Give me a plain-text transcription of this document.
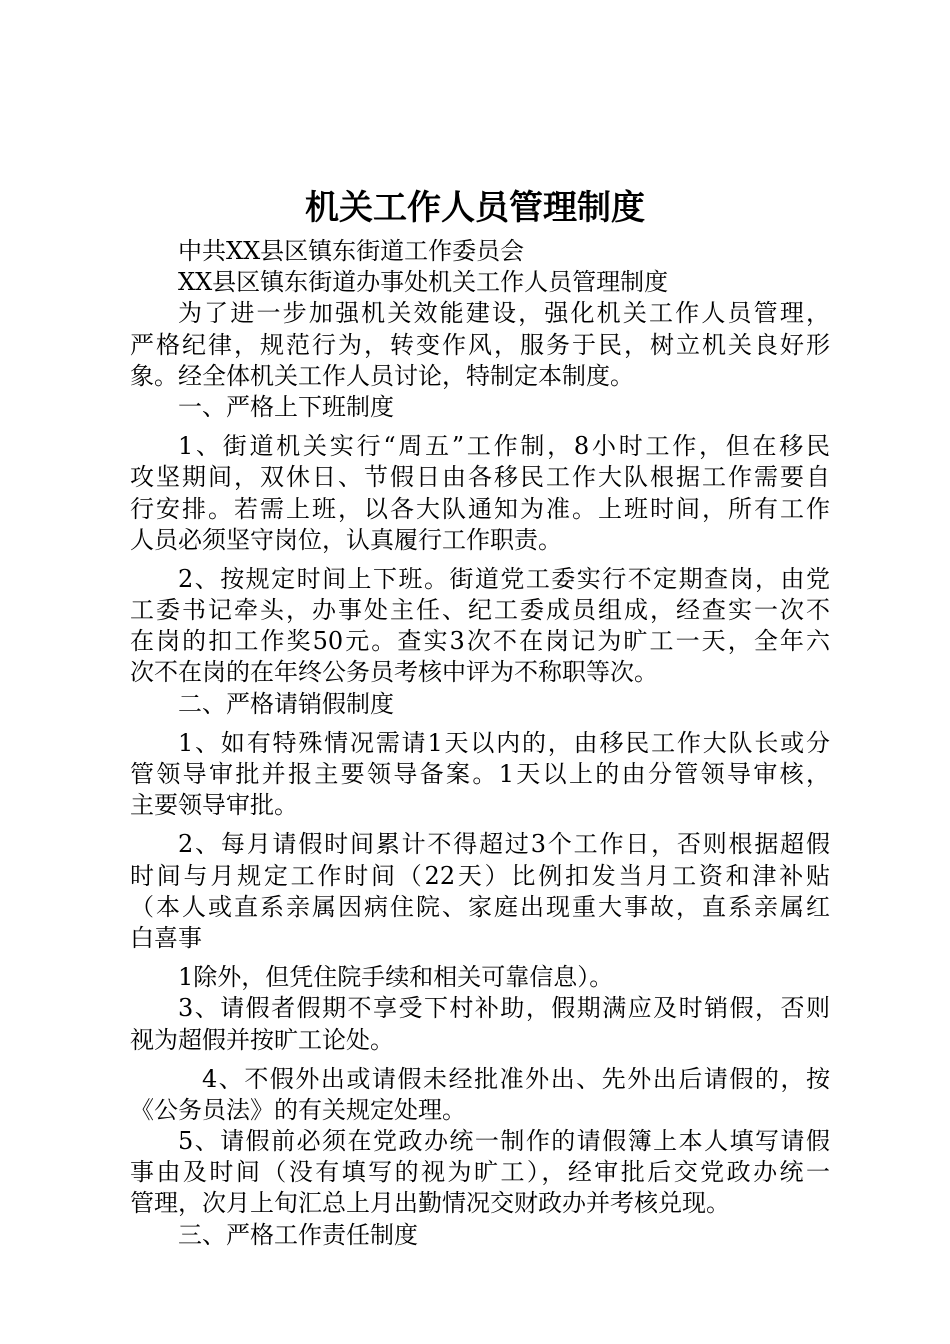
机关工作人员管理制度

中共XX县区镇东街道工作委员会

XX县区镇东街道办事处机关工作人员管理制度

为了进一步加强机关效能建设，强化机关工作人员管理，

严格纪律，规范行为，转变作风，服务于民，树立机关良好形

象。经全体机关工作人员讨论，特制定本制度。

一、严格上下班制度

1、街道机关实行“周五”工作制，8小时工作，但在移民

攻坚期间，双休日、节假日由各移民工作大队根据工作需要自

行安排。若需上班，以各大队通知为准。上班时间，所有工作

人员必须坚守岗位，认真履行工作职责。

2、按规定时间上下班。街道党工委实行不定期查岗，由党

工委书记牵头，办事处主任、纪工委成员组成，经查实一次不

在岗的扣工作奖50元。查实3次不在岗记为旷工一天，全年六

次不在岗的在年终公务员考核中评为不称职等次。

二、严格请销假制度

1、如有特殊情况需请1天以内的，由移民工作大队长或分

管领导审批并报主要领导备案。1天以上的由分管领导审核，

主要领导审批。

2、每月请假时间累计不得超过3个工作日，否则根据超假

时间与月规定工作时间（22天）比例扣发当月工资和津补贴

（本人或直系亲属因病住院、家庭出现重大事故，直系亲属红

白喜事

1除外，但凭住院手续和相关可靠信息）。

3、请假者假期不享受下村补助，假期满应及时销假，否则

视为超假并按旷工论处。

4、不假外出或请假未经批准外出、先外出后请假的，按

《公务员法》的有关规定处理。

5、请假前必须在党政办统一制作的请假簿上本人填写请假

事由及时间（没有填写的视为旷工），经审批后交党政办统一

管理，次月上旬汇总上月出勤情况交财政办并考核兑现。

三、严格工作责任制度
